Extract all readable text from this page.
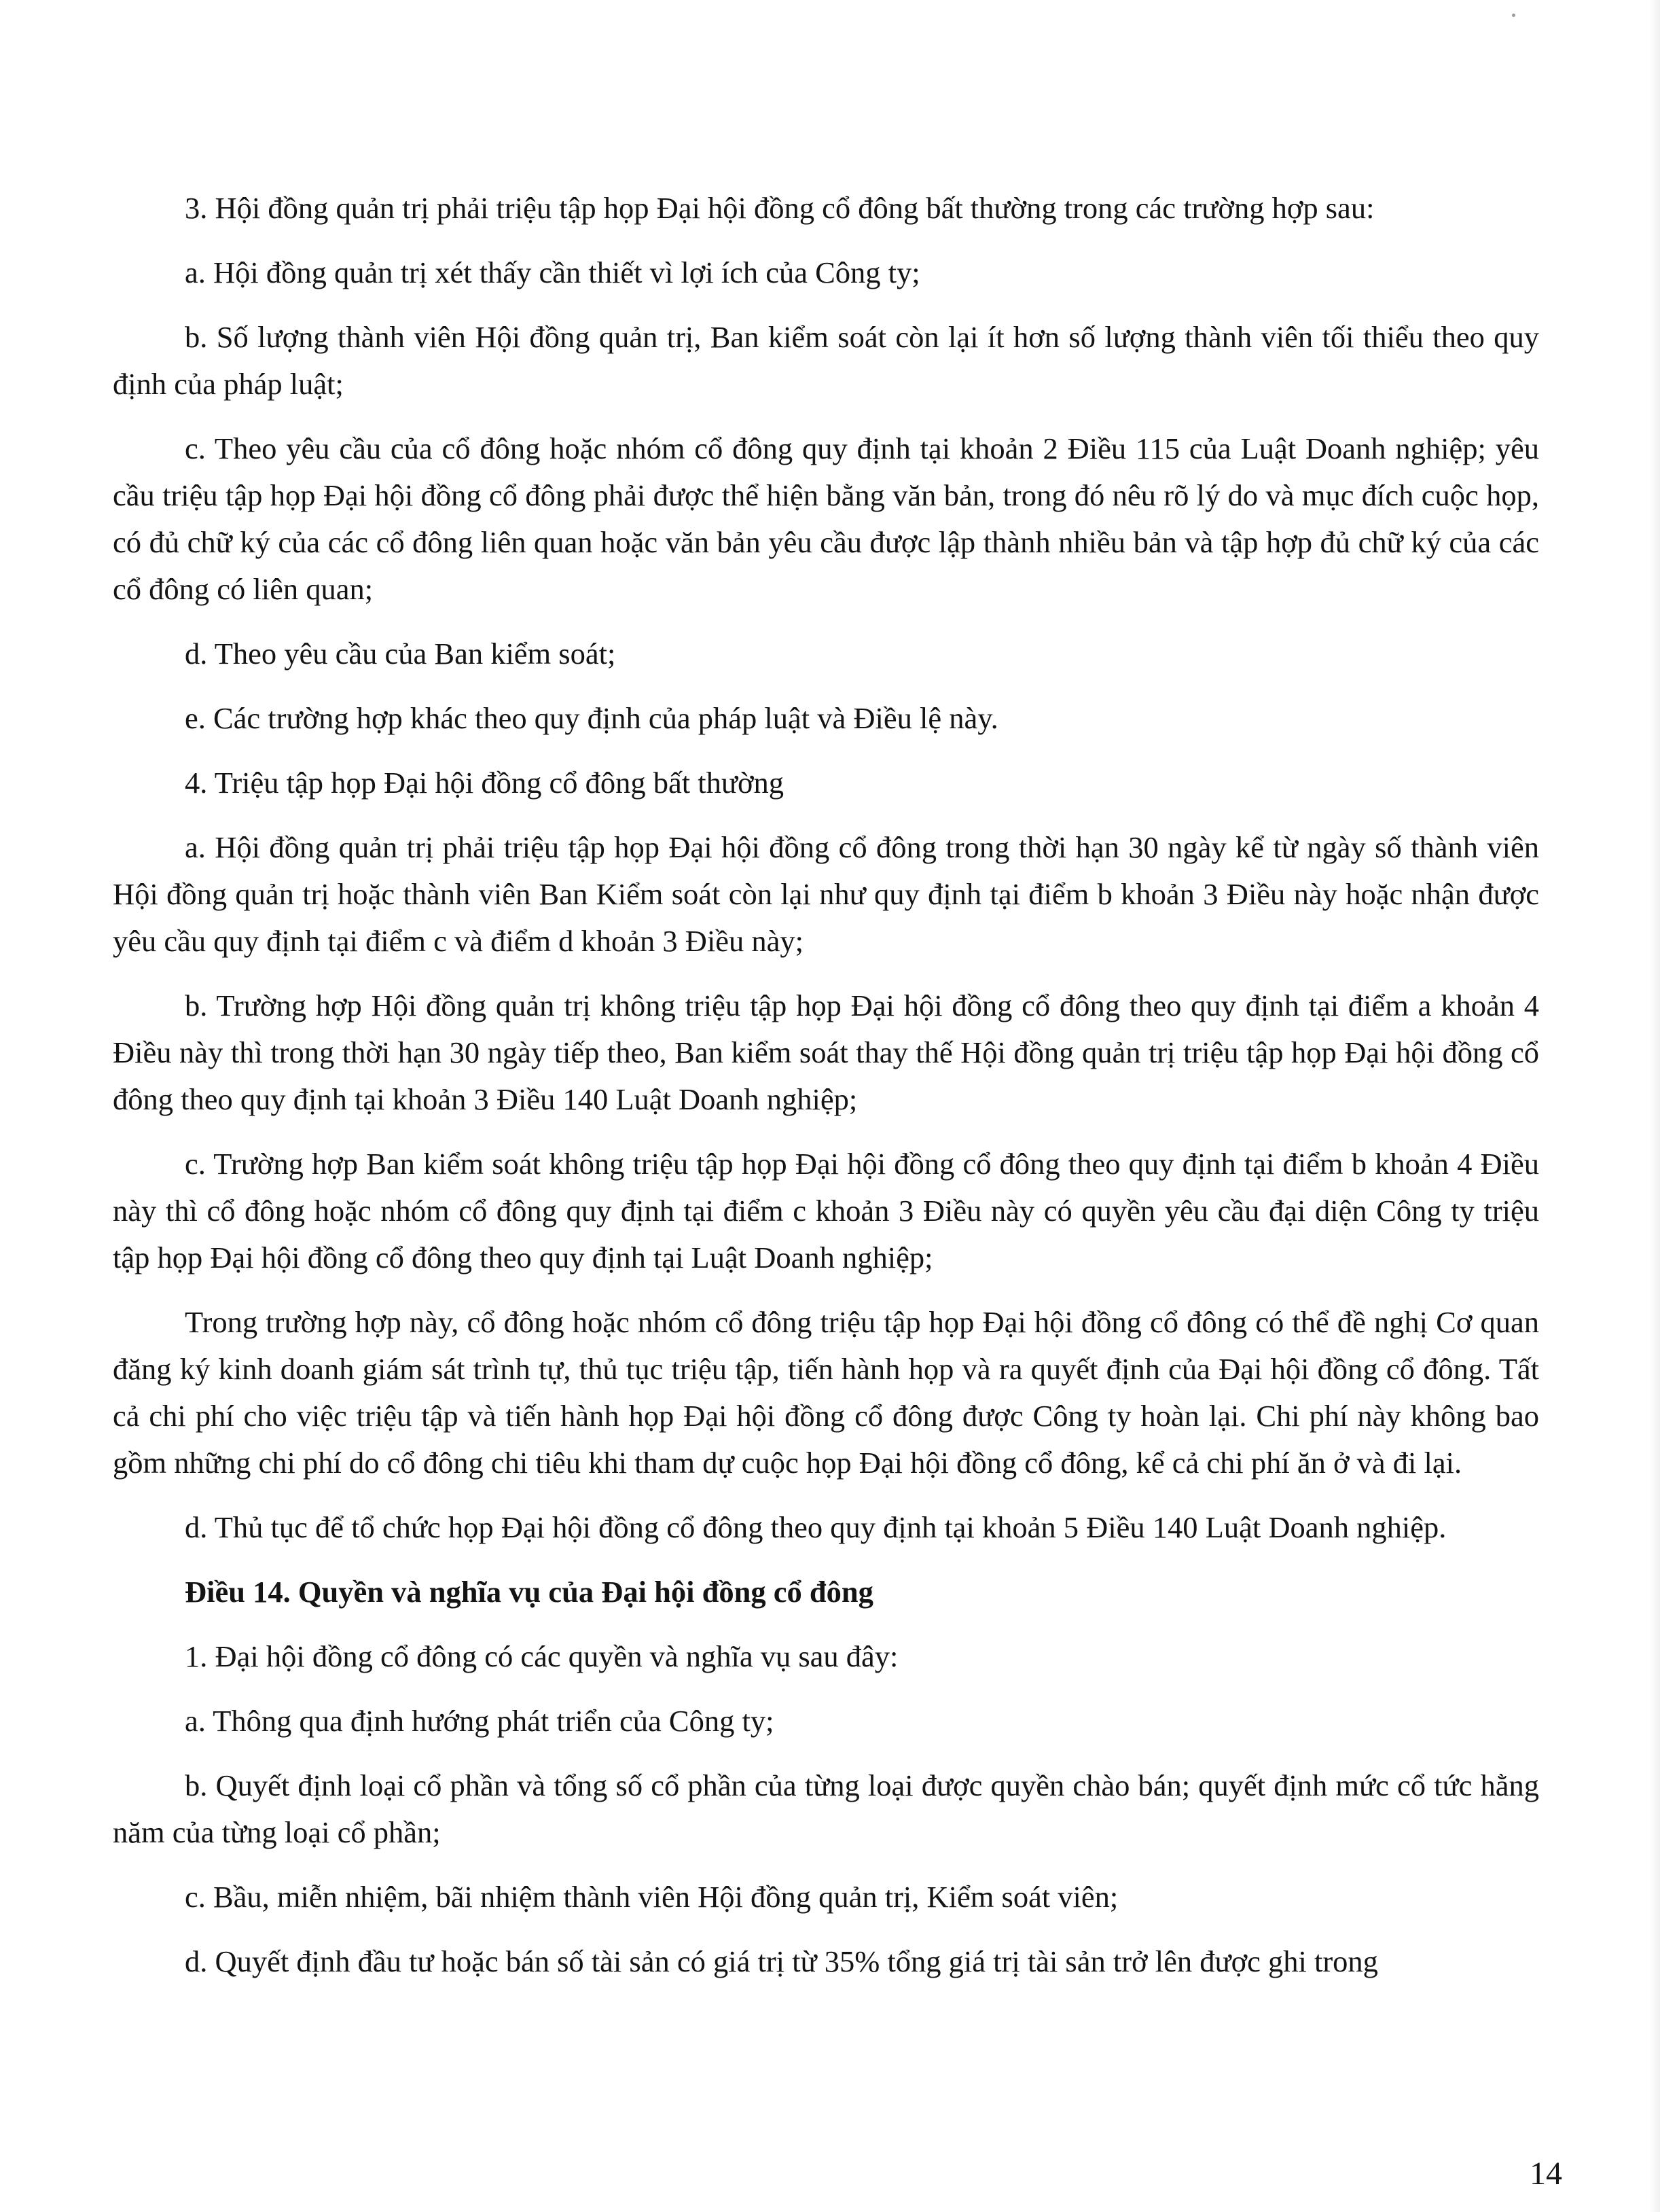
3. Hội đồng quản trị phải triệu tập họp Đại hội đồng cổ đông bất thường trong các trường hợp sau:

a. Hội đồng quản trị xét thấy cần thiết vì lợi ích của Công ty;

b. Số lượng thành viên Hội đồng quản trị, Ban kiểm soát còn lại ít hơn số lượng thành viên tối thiểu theo quy định của pháp luật;

c. Theo yêu cầu của cổ đông hoặc nhóm cổ đông quy định tại khoản 2 Điều 115 của Luật Doanh nghiệp; yêu cầu triệu tập họp Đại hội đồng cổ đông phải được thể hiện bằng văn bản, trong đó nêu rõ lý do và mục đích cuộc họp, có đủ chữ ký của các cổ đông liên quan hoặc văn bản yêu cầu được lập thành nhiều bản và tập hợp đủ chữ ký của các cổ đông có liên quan;

d. Theo yêu cầu của Ban kiểm soát;

e. Các trường hợp khác theo quy định của pháp luật và Điều lệ này.

4. Triệu tập họp Đại hội đồng cổ đông bất thường

a. Hội đồng quản trị phải triệu tập họp Đại hội đồng cổ đông trong thời hạn 30 ngày kể từ ngày số thành viên Hội đồng quản trị hoặc thành viên Ban Kiểm soát còn lại như quy định tại điểm b khoản 3 Điều này hoặc nhận được yêu cầu quy định tại điểm c và điểm d khoản 3 Điều này;

b. Trường hợp Hội đồng quản trị không triệu tập họp Đại hội đồng cổ đông theo quy định tại điểm a khoản 4 Điều này thì trong thời hạn 30 ngày tiếp theo, Ban kiểm soát thay thế Hội đồng quản trị triệu tập họp Đại hội đồng cổ đông theo quy định tại khoản 3 Điều 140 Luật Doanh nghiệp;

c. Trường hợp Ban kiểm soát không triệu tập họp Đại hội đồng cổ đông theo quy định tại điểm b khoản 4 Điều này thì cổ đông hoặc nhóm cổ đông quy định tại điểm c khoản 3 Điều này có quyền yêu cầu đại diện Công ty triệu tập họp Đại hội đồng cổ đông theo quy định tại Luật Doanh nghiệp;

Trong trường hợp này, cổ đông hoặc nhóm cổ đông triệu tập họp Đại hội đồng cổ đông có thể đề nghị Cơ quan đăng ký kinh doanh giám sát trình tự, thủ tục triệu tập, tiến hành họp và ra quyết định của Đại hội đồng cổ đông. Tất cả chi phí cho việc triệu tập và tiến hành họp Đại hội đồng cổ đông được Công ty hoàn lại. Chi phí này không bao gồm những chi phí do cổ đông chi tiêu khi tham dự cuộc họp Đại hội đồng cổ đông, kể cả chi phí ăn ở và đi lại.

d. Thủ tục để tổ chức họp Đại hội đồng cổ đông theo quy định tại khoản 5 Điều 140 Luật Doanh nghiệp.

Điều 14. Quyền và nghĩa vụ của Đại hội đồng cổ đông

1. Đại hội đồng cổ đông có các quyền và nghĩa vụ sau đây:

a. Thông qua định hướng phát triển của Công ty;

b. Quyết định loại cổ phần và tổng số cổ phần của từng loại được quyền chào bán; quyết định mức cổ tức hằng năm của từng loại cổ phần;

c. Bầu, miễn nhiệm, bãi nhiệm thành viên Hội đồng quản trị, Kiểm soát viên;

d. Quyết định đầu tư hoặc bán số tài sản có giá trị từ 35% tổng giá trị tài sản trở lên được ghi trong

14
